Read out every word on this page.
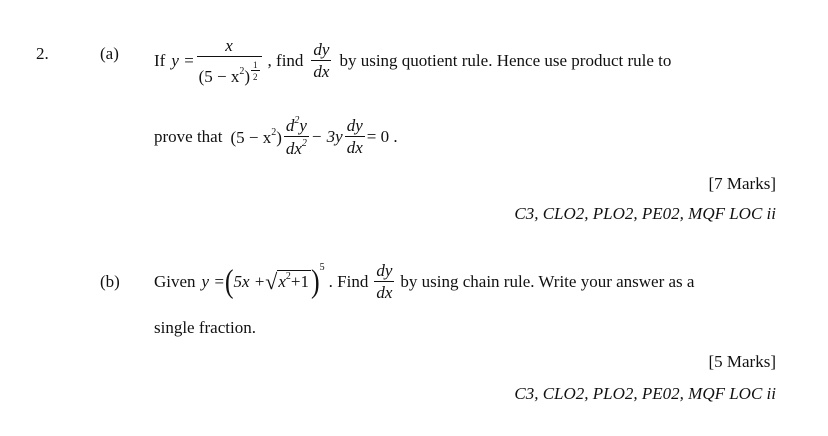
2.	(a) If $y = \frac{x}{(5 - x^2) \frac{1}{2}}$ , find $\frac{dy}{dx}$ by using quotient rule. Hence use product rule to
prove that $(5 - x^2) \frac{d^2y}{dx^2} - 3y \frac{dy}{dx} = 0$ .
[7 Marks]
C3, CLO2, PLO2, PE02, MQF LOC ii
(b) Given y = ( $5x + √x^2+1$ ) 5
. Find $\frac{dy}{dx}$ by using chain rule. Write your answer as a
single fraction.
[5 Marks]
C3, CLO2, PLO2, PE02, MQF LOC ii
